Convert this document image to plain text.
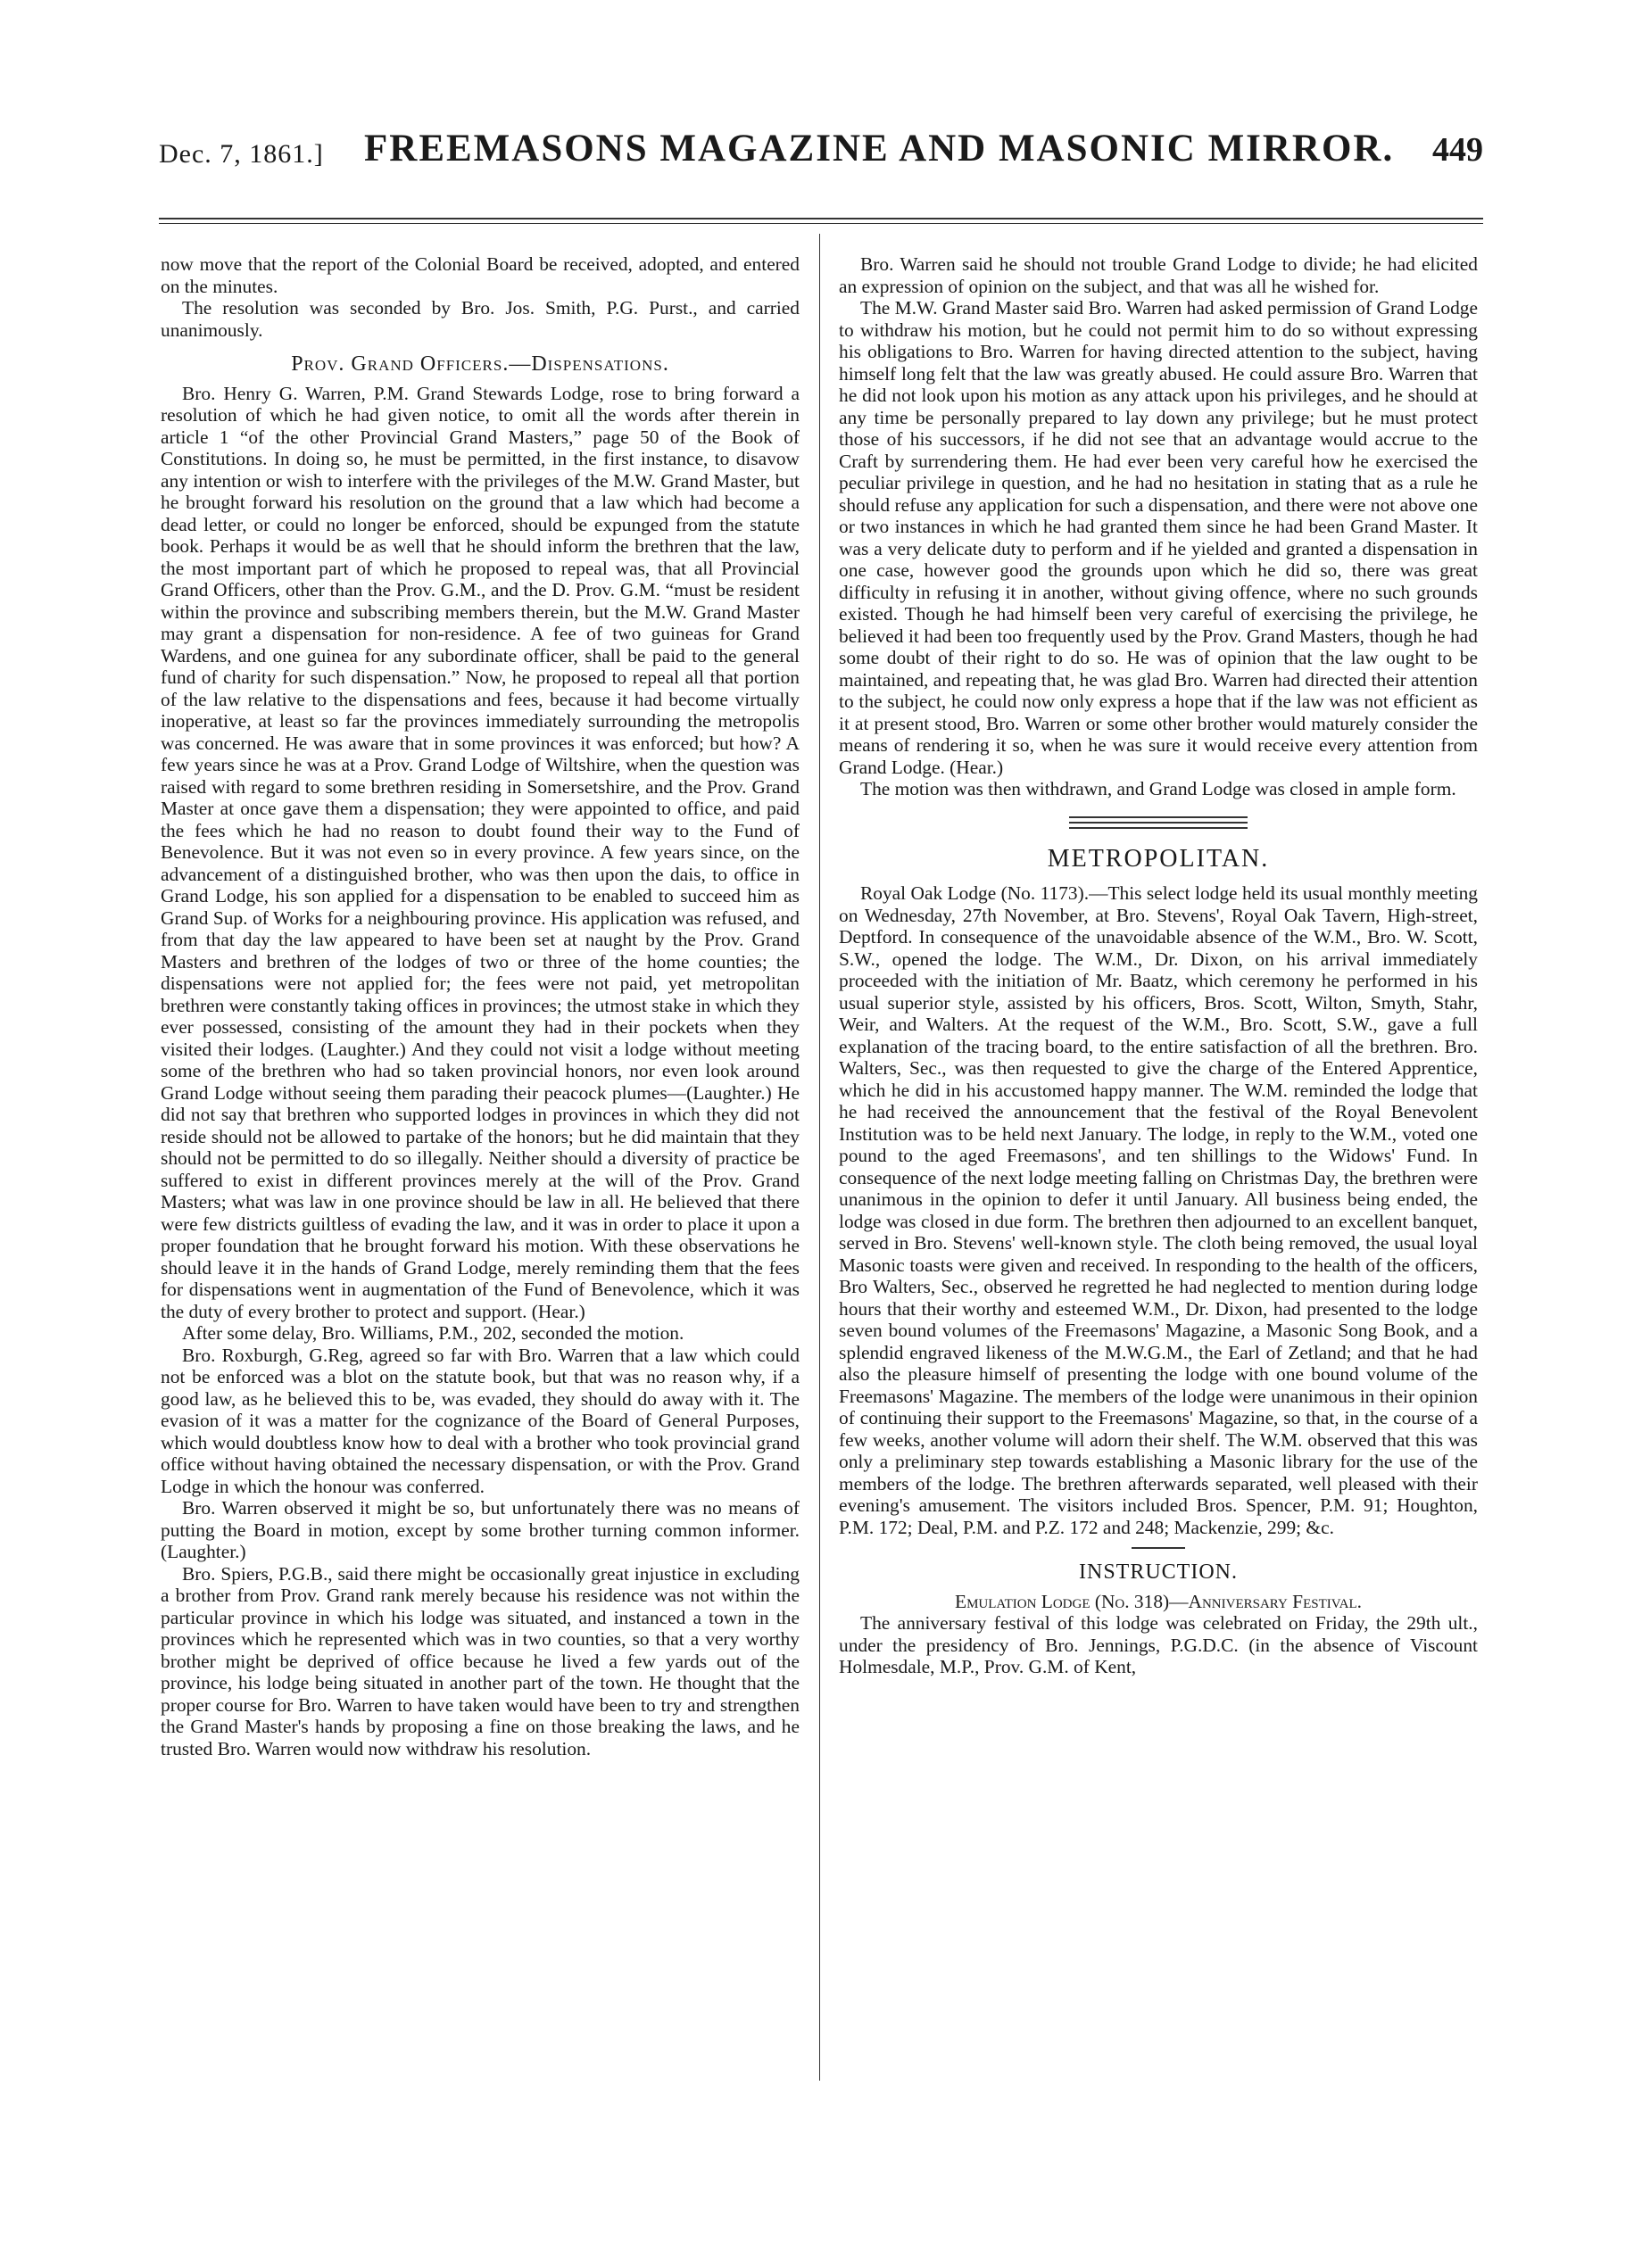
Dec. 7, 1861.] FREEMASONS MAGAZINE AND MASONIC MIRROR. 449

now move that the report of the Colonial Board be received, adopted, and entered on the minutes.

The resolution was seconded by Bro. Jos. Smith, P.G. Purst., and carried unanimously.

Prov. Grand Officers.—Dispensations.

Bro. Henry G. Warren, P.M. Grand Stewards Lodge, rose to bring forward a resolution of which he had given notice, to omit all the words after therein in article 1 “of the other Provincial Grand Masters,” page 50 of the Book of Constitutions. In doing so, he must be permitted, in the first instance, to disavow any intention or wish to interfere with the privileges of the M.W. Grand Master, but he brought forward his resolution on the ground that a law which had become a dead letter, or could no longer be enforced, should be expunged from the statute book. Perhaps it would be as well that he should inform the brethren that the law, the most important part of which he proposed to repeal was, that all Provincial Grand Officers, other than the Prov. G.M., and the D. Prov. G.M. “must be resident within the province and subscribing members therein, but the M.W. Grand Master may grant a dispensation for non-residence. A fee of two guineas for Grand Wardens, and one guinea for any subordinate officer, shall be paid to the general fund of charity for such dispensation.” Now, he proposed to repeal all that portion of the law relative to the dispensations and fees, because it had become virtually inoperative, at least so far the provinces immediately surrounding the metropolis was concerned. He was aware that in some provinces it was enforced; but how? A few years since he was at a Prov. Grand Lodge of Wiltshire, when the question was raised with regard to some brethren residing in Somersetshire, and the Prov. Grand Master at once gave them a dispensation; they were appointed to office, and paid the fees which he had no reason to doubt found their way to the Fund of Benevolence. But it was not even so in every province. A few years since, on the advancement of a distinguished brother, who was then upon the dais, to office in Grand Lodge, his son applied for a dispensation to be enabled to succeed him as Grand Sup. of Works for a neighbouring province. His application was refused, and from that day the law appeared to have been set at naught by the Prov. Grand Masters and brethren of the lodges of two or three of the home counties; the dispensations were not applied for; the fees were not paid, yet metropolitan brethren were constantly taking offices in provinces; the utmost stake in which they ever possessed, consisting of the amount they had in their pockets when they visited their lodges. (Laughter.) And they could not visit a lodge without meeting some of the brethren who had so taken provincial honors, nor even look around Grand Lodge without seeing them parading their peacock plumes—(Laughter.) He did not say that brethren who supported lodges in provinces in which they did not reside should not be allowed to partake of the honors; but he did maintain that they should not be permitted to do so illegally. Neither should a diversity of practice be suffered to exist in different provinces merely at the will of the Prov. Grand Masters; what was law in one province should be law in all. He believed that there were few districts guiltless of evading the law, and it was in order to place it upon a proper foundation that he brought forward his motion. With these observations he should leave it in the hands of Grand Lodge, merely reminding them that the fees for dispensations went in augmentation of the Fund of Benevolence, which it was the duty of every brother to protect and support. (Hear.)

After some delay, Bro. Williams, P.M., 202, seconded the motion.

Bro. Roxburgh, G.Reg, agreed so far with Bro. Warren that a law which could not be enforced was a blot on the statute book, but that was no reason why, if a good law, as he believed this to be, was evaded, they should do away with it. The evasion of it was a matter for the cognizance of the Board of General Purposes, which would doubtless know how to deal with a brother who took provincial grand office without having obtained the necessary dispensation, or with the Prov. Grand Lodge in which the honour was conferred.

Bro. Warren observed it might be so, but unfortunately there was no means of putting the Board in motion, except by some brother turning common informer. (Laughter.)

Bro. Spiers, P.G.B., said there might be occasionally great injustice in excluding a brother from Prov. Grand rank merely because his residence was not within the particular province in which his lodge was situated, and instanced a town in the provinces which he represented which was in two counties, so that a very worthy brother might be deprived of office because he lived a few yards out of the province, his lodge being situated in another part of the town. He thought that the proper course for Bro. Warren to have taken would have been to try and strengthen the Grand Master's hands by proposing a fine on those breaking the laws, and he trusted Bro. Warren would now withdraw his resolution.

Bro. Warren said he should not trouble Grand Lodge to divide; he had elicited an expression of opinion on the subject, and that was all he wished for.

The M.W. Grand Master said Bro. Warren had asked permission of Grand Lodge to withdraw his motion, but he could not permit him to do so without expressing his obligations to Bro. Warren for having directed attention to the subject, having himself long felt that the law was greatly abused. He could assure Bro. Warren that he did not look upon his motion as any attack upon his privileges, and he should at any time be personally prepared to lay down any privilege; but he must protect those of his successors, if he did not see that an advantage would accrue to the Craft by surrendering them. He had ever been very careful how he exercised the peculiar privilege in question, and he had no hesitation in stating that as a rule he should refuse any application for such a dispensation, and there were not above one or two instances in which he had granted them since he had been Grand Master. It was a very delicate duty to perform and if he yielded and granted a dispensation in one case, however good the grounds upon which he did so, there was great difficulty in refusing it in another, without giving offence, where no such grounds existed. Though he had himself been very careful of exercising the privilege, he believed it had been too frequently used by the Prov. Grand Masters, though he had some doubt of their right to do so. He was of opinion that the law ought to be maintained, and repeating that, he was glad Bro. Warren had directed their attention to the subject, he could now only express a hope that if the law was not efficient as it at present stood, Bro. Warren or some other brother would maturely consider the means of rendering it so, when he was sure it would receive every attention from Grand Lodge. (Hear.)

The motion was then withdrawn, and Grand Lodge was closed in ample form.

METROPOLITAN.

Royal Oak Lodge (No. 1173).—This select lodge held its usual monthly meeting on Wednesday, 27th November, at Bro. Stevens', Royal Oak Tavern, High-street, Deptford. In consequence of the unavoidable absence of the W.M., Bro. W. Scott, S.W., opened the lodge. The W.M., Dr. Dixon, on his arrival immediately proceeded with the initiation of Mr. Baatz, which ceremony he performed in his usual superior style, assisted by his officers, Bros. Scott, Wilton, Smyth, Stahr, Weir, and Walters. At the request of the W.M., Bro. Scott, S.W., gave a full explanation of the tracing board, to the entire satisfaction of all the brethren. Bro. Walters, Sec., was then requested to give the charge of the Entered Apprentice, which he did in his accustomed happy manner. The W.M. reminded the lodge that he had received the announcement that the festival of the Royal Benevolent Institution was to be held next January. The lodge, in reply to the W.M., voted one pound to the aged Freemasons', and ten shillings to the Widows' Fund. In consequence of the next lodge meeting falling on Christmas Day, the brethren were unanimous in the opinion to defer it until January. All business being ended, the lodge was closed in due form. The brethren then adjourned to an excellent banquet, served in Bro. Stevens' well-known style. The cloth being removed, the usual loyal Masonic toasts were given and received. In responding to the health of the officers, Bro Walters, Sec., observed he regretted he had neglected to mention during lodge hours that their worthy and esteemed W.M., Dr. Dixon, had presented to the lodge seven bound volumes of the Freemasons' Magazine, a Masonic Song Book, and a splendid engraved likeness of the M.W.G.M., the Earl of Zetland; and that he had also the pleasure himself of presenting the lodge with one bound volume of the Freemasons' Magazine. The members of the lodge were unanimous in their opinion of continuing their support to the Freemasons' Magazine, so that, in the course of a few weeks, another volume will adorn their shelf. The W.M. observed that this was only a preliminary step towards establishing a Masonic library for the use of the members of the lodge. The brethren afterwards separated, well pleased with their evening's amusement. The visitors included Bros. Spencer, P.M. 91; Houghton, P.M. 172; Deal, P.M. and P.Z. 172 and 248; Mackenzie, 299; &c.

INSTRUCTION.

Emulation Lodge (No. 318)—Anniversary Festival.

The anniversary festival of this lodge was celebrated on Friday, the 29th ult., under the presidency of Bro. Jennings, P.G.D.C. (in the absence of Viscount Holmesdale, M.P., Prov. G.M. of Kent,
